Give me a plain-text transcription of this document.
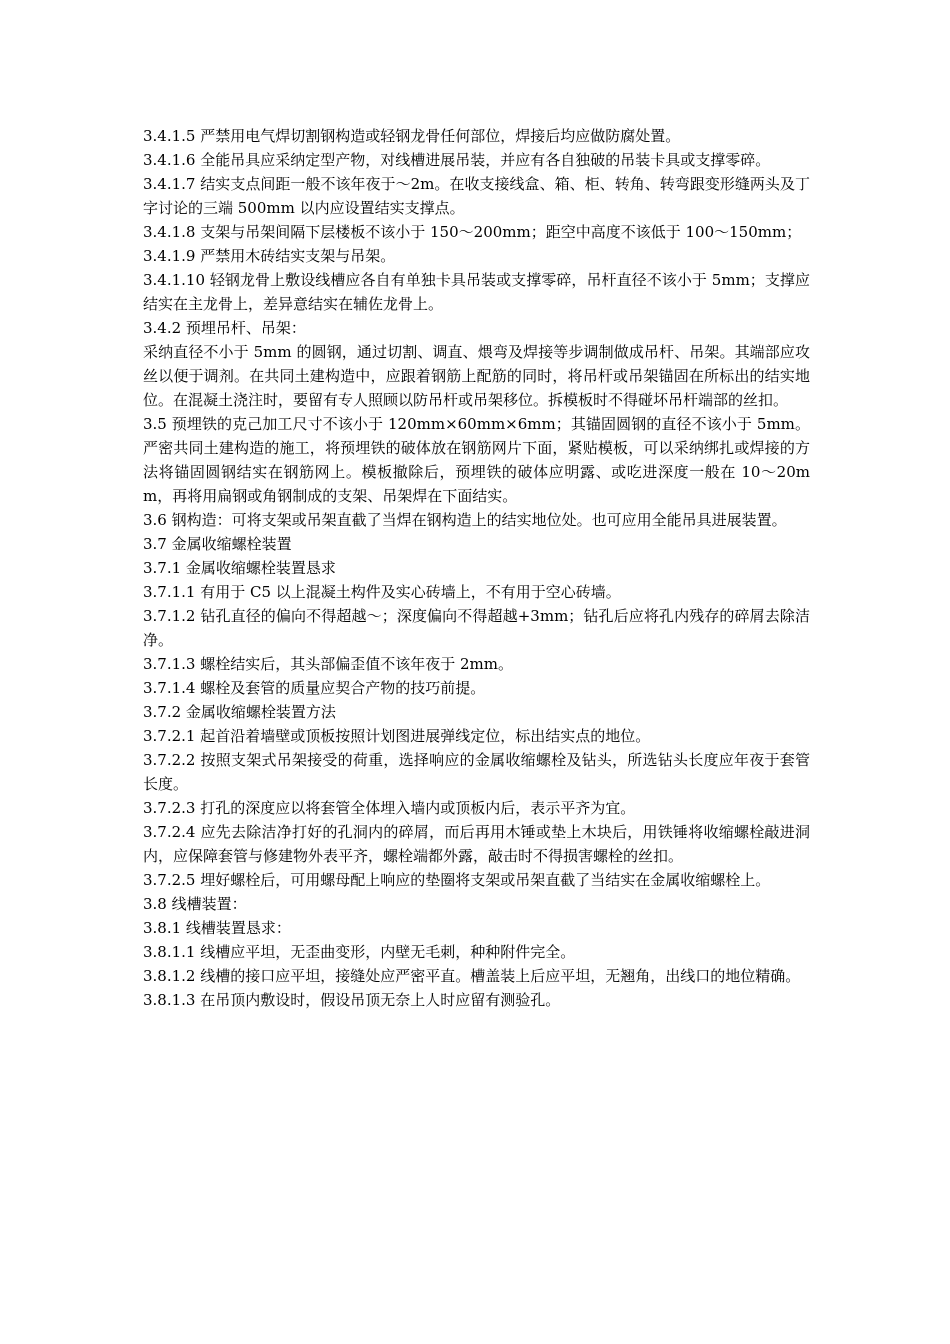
3.4.1.5 严禁用电气焊切割钢构造或轻钢龙骨任何部位，焊接后均应做防腐处置。

3.4.1.6 全能吊具应采纳定型产物，对线槽进展吊装，并应有各自独破的吊装卡具或支撑零碎。

3.4.1.7 结实支点间距一般不该年夜于～2m。在收支接线盒、箱、柜、转角、转弯跟变形缝两头及丁字讨论的三端 500mm 以内应设置结实支撑点。

3.4.1.8 支架与吊架间隔下层楼板不该小于 150～200mm；距空中高度不该低于 100～150mm；

3.4.1.9 严禁用木砖结实支架与吊架。

3.4.1.10 轻钢龙骨上敷设线槽应各自有单独卡具吊装或支撑零碎，吊杆直径不该小于 5mm；支撑应结实在主龙骨上，差异意结实在辅佐龙骨上。

3.4.2 预埋吊杆、吊架：

采纳直径不小于 5mm 的圆钢，通过切割、调直、煨弯及焊接等步调制做成吊杆、吊架。其端部应攻丝以便于调剂。在共同土建构造中，应跟着钢筋上配筋的同时，将吊杆或吊架锚固在所标出的结实地位。在混凝土浇注时，要留有专人照顾以防吊杆或吊架移位。拆模板时不得碰坏吊杆端部的丝扣。

3.5 预埋铁的克己加工尺寸不该小于 120mm×60mm×6mm；其锚固圆钢的直径不该小于 5mm。严密共同土建构造的施工，将预埋铁的破体放在钢筋网片下面，紧贴模板，可以采纳绑扎或焊接的方法将锚固圆钢结实在钢筋网上。模板撤除后，预埋铁的破体应明露、或吃进深度一般在 10～20mm，再将用扁钢或角钢制成的支架、吊架焊在下面结实。

3.6 钢构造：可将支架或吊架直截了当焊在钢构造上的结实地位处。也可应用全能吊具进展装置。

3.7 金属收缩螺栓装置

3.7.1 金属收缩螺栓装置恳求

3.7.1.1 有用于 C5 以上混凝土构件及实心砖墙上，不有用于空心砖墙。

3.7.1.2 钻孔直径的偏向不得超越～；深度偏向不得超越+3mm；钻孔后应将孔内残存的碎屑去除洁净。

3.7.1.3 螺栓结实后，其头部偏歪值不该年夜于 2mm。

3.7.1.4 螺栓及套管的质量应契合产物的技巧前提。

3.7.2 金属收缩螺栓装置方法

3.7.2.1 起首沿着墙壁或顶板按照计划图进展弹线定位，标出结实点的地位。

3.7.2.2 按照支架式吊架接受的荷重，选择响应的金属收缩螺栓及钻头，所选钻头长度应年夜于套管长度。

3.7.2.3 打孔的深度应以将套管全体埋入墙内或顶板内后，表示平齐为宜。

3.7.2.4 应先去除洁净打好的孔洞内的碎屑，而后再用木锤或垫上木块后，用铁锤将收缩螺栓敲进洞内，应保障套管与修建物外表平齐，螺栓端都外露，敲击时不得损害螺栓的丝扣。

3.7.2.5 埋好螺栓后，可用螺母配上响应的垫圈将支架或吊架直截了当结实在金属收缩螺栓上。

3.8 线槽装置：

3.8.1 线槽装置恳求：

3.8.1.1 线槽应平坦，无歪曲变形，内壁无毛刺，种种附件完全。

3.8.1.2 线槽的接口应平坦，接缝处应严密平直。槽盖装上后应平坦，无翘角，出线口的地位精确。

3.8.1.3 在吊顶内敷设时，假设吊顶无奈上人时应留有测验孔。
